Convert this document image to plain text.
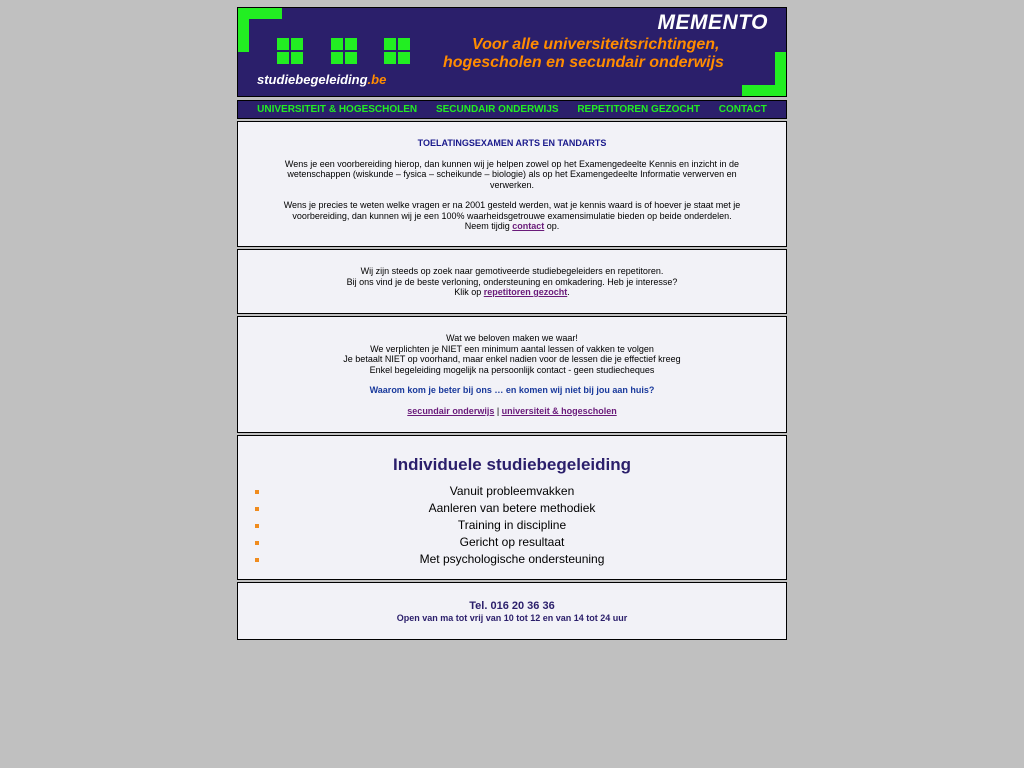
MEMENTO
Voor alle universiteitsrichtingen,
hogescholen en secundair onderwijs
studiebegeleiding.be
UNIVERSITEIT & HOGESCHOLEN SECUNDAIR ONDERWIJS REPETITOREN GEZOCHT CONTACT

TOELATINGSEXAMEN ARTS EN TANDARTS

Wens je een voorbereiding hierop, dan kunnen wij je helpen zowel op het Examengedeelte Kennis en inzicht in de wetenschappen (wiskunde – fysica – scheikunde – biologie) als op het Examengedeelte Informatie verwerven en verwerken.

Wens je precies te weten welke vragen er na 2001 gesteld werden, wat je kennis waard is of hoever je staat met je voorbereiding, dan kunnen wij je een 100% waarheidsgetrouwe examensimulatie bieden op beide onderdelen.

Neem tijdig contact op.

Wij zijn steeds op zoek naar gemotiveerde studiebegeleiders en repetitoren.

Bij ons vind je de beste verloning, ondersteuning en omkadering. Heb je interesse?

Klik op repetitoren gezocht.

Wat we beloven maken we waar!

We verplichten je NIET een minimum aantal lessen of vakken te volgen

Je betaalt NIET op voorhand, maar enkel nadien voor de lessen die je effectief kreeg

Enkel begeleiding mogelijk na persoonlijk contact - geen studiecheques

Waarom kom je beter bij ons … en komen wij niet bij jou aan huis?

secundair onderwijs | universiteit & hogescholen

Individuele studiebegeleiding
Vanuit probleemvakken
Aanleren van betere methodiek
Training in discipline
Gericht op resultaat
Met psychologische ondersteuning
Tel. 016 20 36 36
Open van ma tot vrij van 10 tot 12 en van 14 tot 24 uur
